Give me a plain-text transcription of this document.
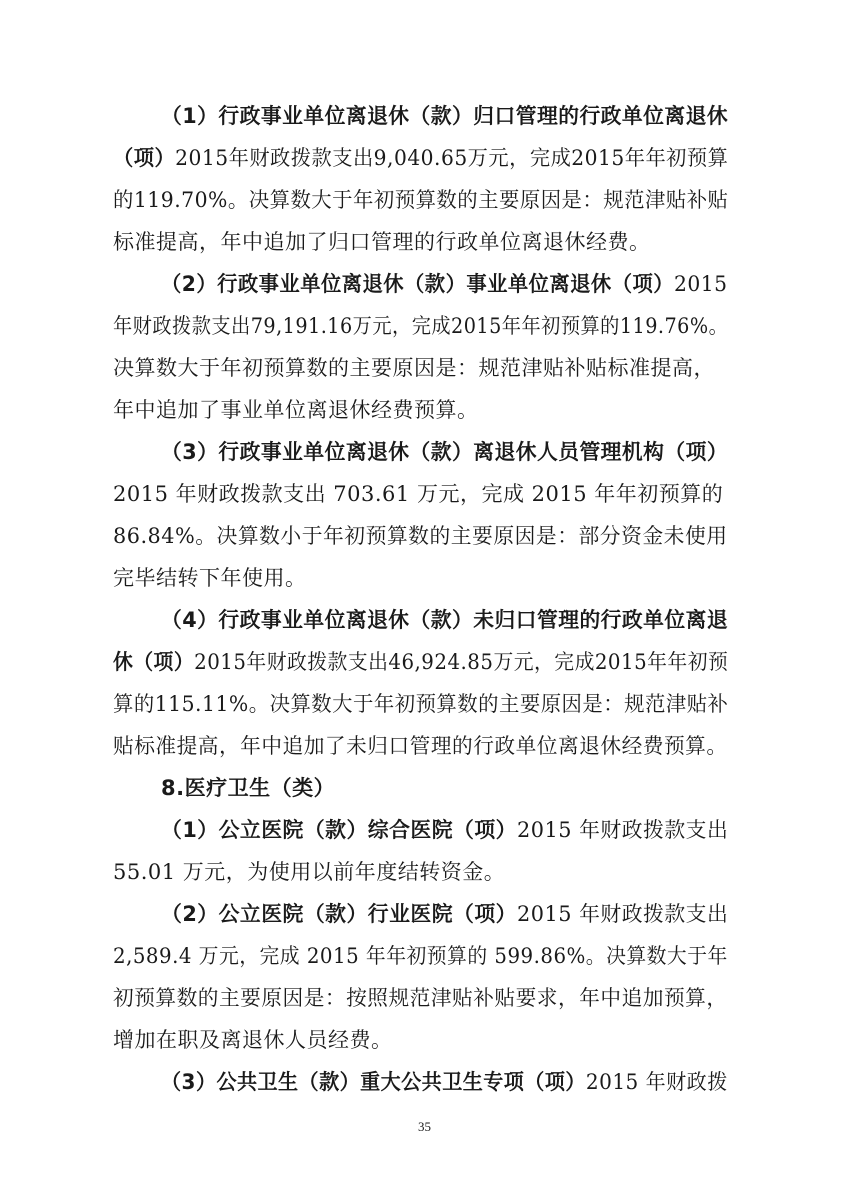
（1）行政事业单位离退休（款）归口管理的行政单位离退休
（项）2015年财政拨款支出9,040.65万元，完成2015年年初预算
的119.70%。决算数大于年初预算数的主要原因是：规范津贴补贴
标准提高，年中追加了归口管理的行政单位离退休经费。
（2）行政事业单位离退休（款）事业单位离退休（项）2015
年财政拨款支出79,191.16万元，完成2015年年初预算的119.76%。
决算数大于年初预算数的主要原因是：规范津贴补贴标准提高，
年中追加了事业单位离退休经费预算。
（3）行政事业单位离退休（款）离退休人员管理机构（项）
2015 年财政拨款支出 703.61 万元，完成 2015 年年初预算的
86.84%。决算数小于年初预算数的主要原因是：部分资金未使用
完毕结转下年使用。
（4）行政事业单位离退休（款）未归口管理的行政单位离退
休（项）2015年财政拨款支出46,924.85万元，完成2015年年初预
算的115.11%。决算数大于年初预算数的主要原因是：规范津贴补
贴标准提高，年中追加了未归口管理的行政单位离退休经费预算。
8.医疗卫生（类）
（1）公立医院（款）综合医院（项）2015 年财政拨款支出
55.01 万元，为使用以前年度结转资金。
（2）公立医院（款）行业医院（项）2015 年财政拨款支出
2,589.4 万元，完成 2015 年年初预算的 599.86%。决算数大于年
初预算数的主要原因是：按照规范津贴补贴要求，年中追加预算，
增加在职及离退休人员经费。
（3）公共卫生（款）重大公共卫生专项（项）2015 年财政拨
35
